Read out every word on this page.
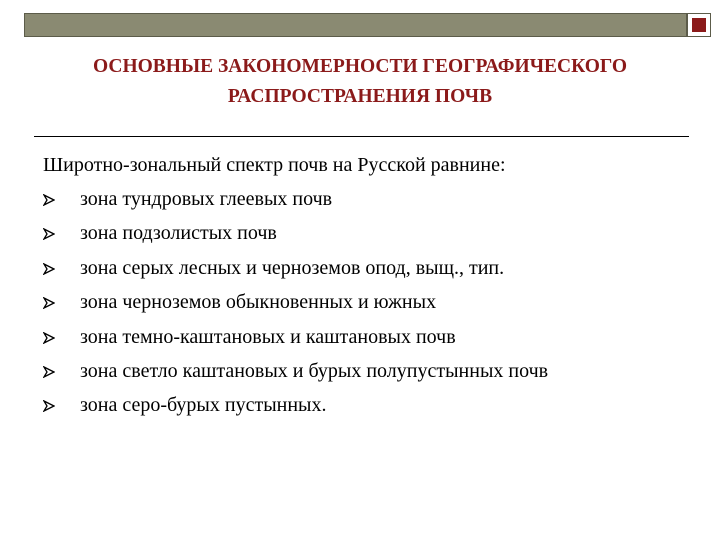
ОСНОВНЫЕ ЗАКОНОМЕРНОСТИ ГЕОГРАФИЧЕСКОГО
РАСПРОСТРАНЕНИЯ ПОЧВ
Широтно-зональный спектр почв на Русской равнине:
зона тундровых глеевых почв
зона подзолистых почв
зона серых лесных и черноземов опод, выщ., тип.
зона черноземов обыкновенных и южных
зона темно-каштановых и каштановых почв
зона светло каштановых и бурых полупустынных почв
зона серо-бурых пустынных.
